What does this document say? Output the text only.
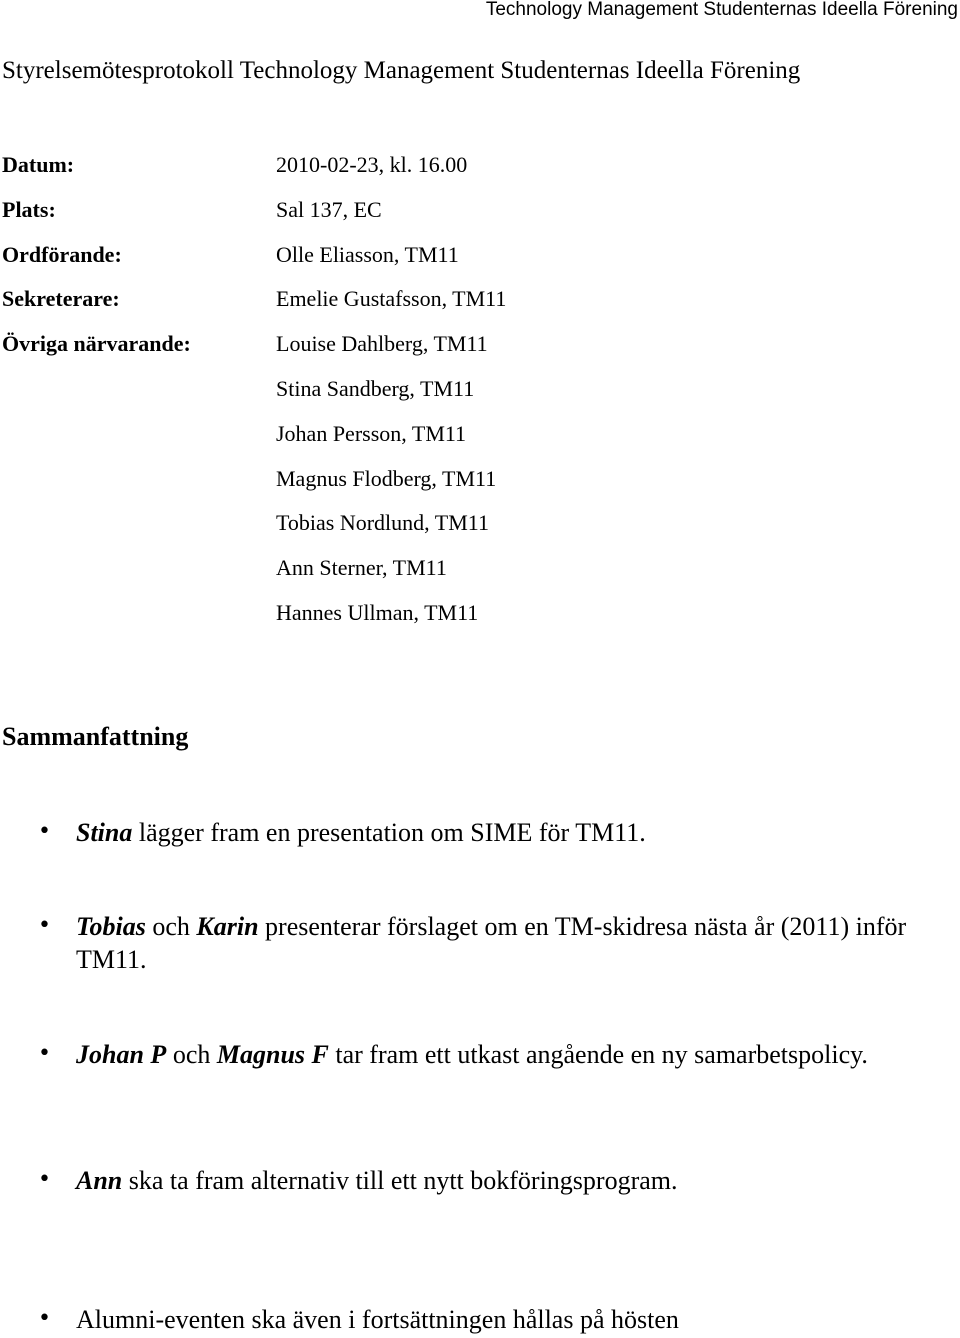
Technology Management Studenternas Ideella Förening
Styrelsemötesprotokoll Technology Management Studenternas Ideella Förening
Datum:	2010-02-23, kl. 16.00
Plats:	Sal 137, EC
Ordförande:	Olle Eliasson, TM11
Sekreterare:	Emelie Gustafsson, TM11
Övriga närvarande:	Louise Dahlberg, TM11
Stina Sandberg, TM11
Johan Persson, TM11
Magnus Flodberg, TM11
Tobias Nordlund, TM11
Ann Sterner, TM11
Hannes Ullman, TM11
Sammanfattning
• Stina lägger fram en presentation om SIME för TM11.
• Tobias och Karin presenterar förslaget om en TM-skidresa nästa år (2011) inför TM11.
• Johan P och Magnus F tar fram ett utkast angående en ny samarbetspolicy.
• Ann ska ta fram alternativ till ett nytt bokföringsprogram.
• Alumni-eventen ska även i fortsättningen hållas på hösten
